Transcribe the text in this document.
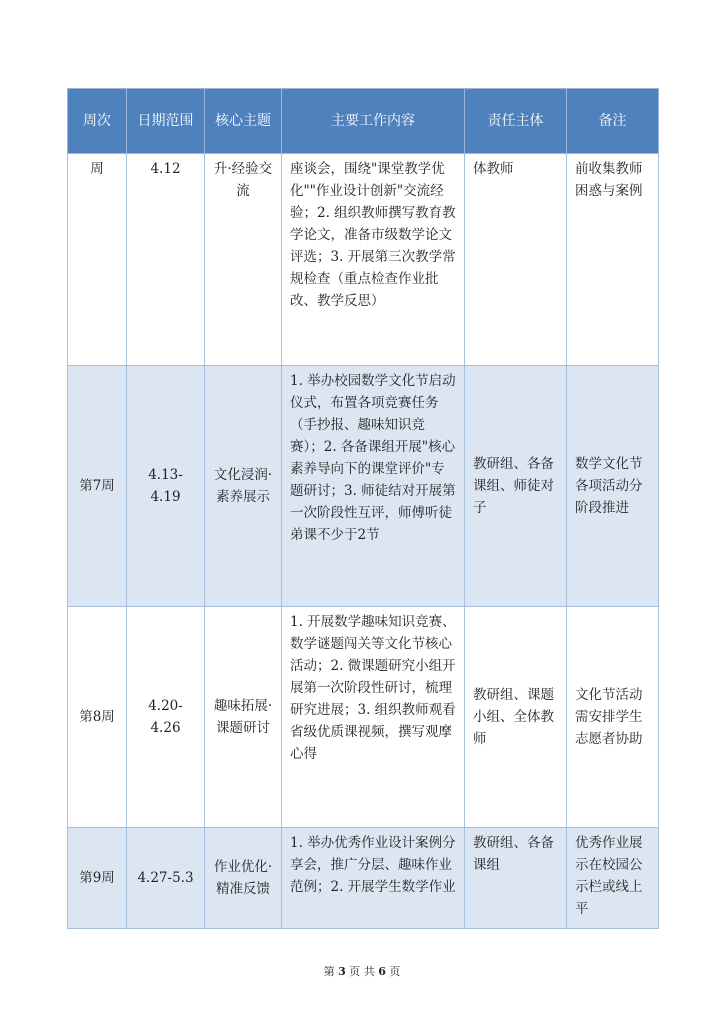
周次	日期范围	核心主题	主要工作内容	责任主体	备注
周	4.12	升·经验交流	座谈会，围绕"课堂教学优化""作业设计创新"交流经验；2. 组织教师撰写教育教学论文，准备市级数学论文评选；3. 开展第三次教学常规检查（重点检查作业批改、教学反思）	体教师	前收集教师困惑与案例
第7周	4.13-4.19	文化浸润·素养展示	1. 举办校园数学文化节启动仪式，布置各项竞赛任务（手抄报、趣味知识竞赛）；2. 各备课组开展"核心素养导向下的课堂评价"专题研讨；3. 师徒结对开展第一次阶段性互评，师傅听徒弟课不少于2节	教研组、各备课组、师徒对子	数学文化节各项活动分阶段推进
第8周	4.20-4.26	趣味拓展·课题研讨	1. 开展数学趣味知识竞赛、数学谜题闯关等文化节核心活动；2. 微课题研究小组开展第一次阶段性研讨，梳理研究进展；3. 组织教师观看省级优质课视频，撰写观摩心得	教研组、课题小组、全体教师	文化节活动需安排学生志愿者协助
第9周	4.27-5.3	作业优化·精准反馈	1. 举办优秀作业设计案例分享会，推广分层、趣味作业范例；2. 开展学生数学作业	教研组、各备课组	优秀作业展示在校园公示栏或线上平
第 3 页 共 6 页
